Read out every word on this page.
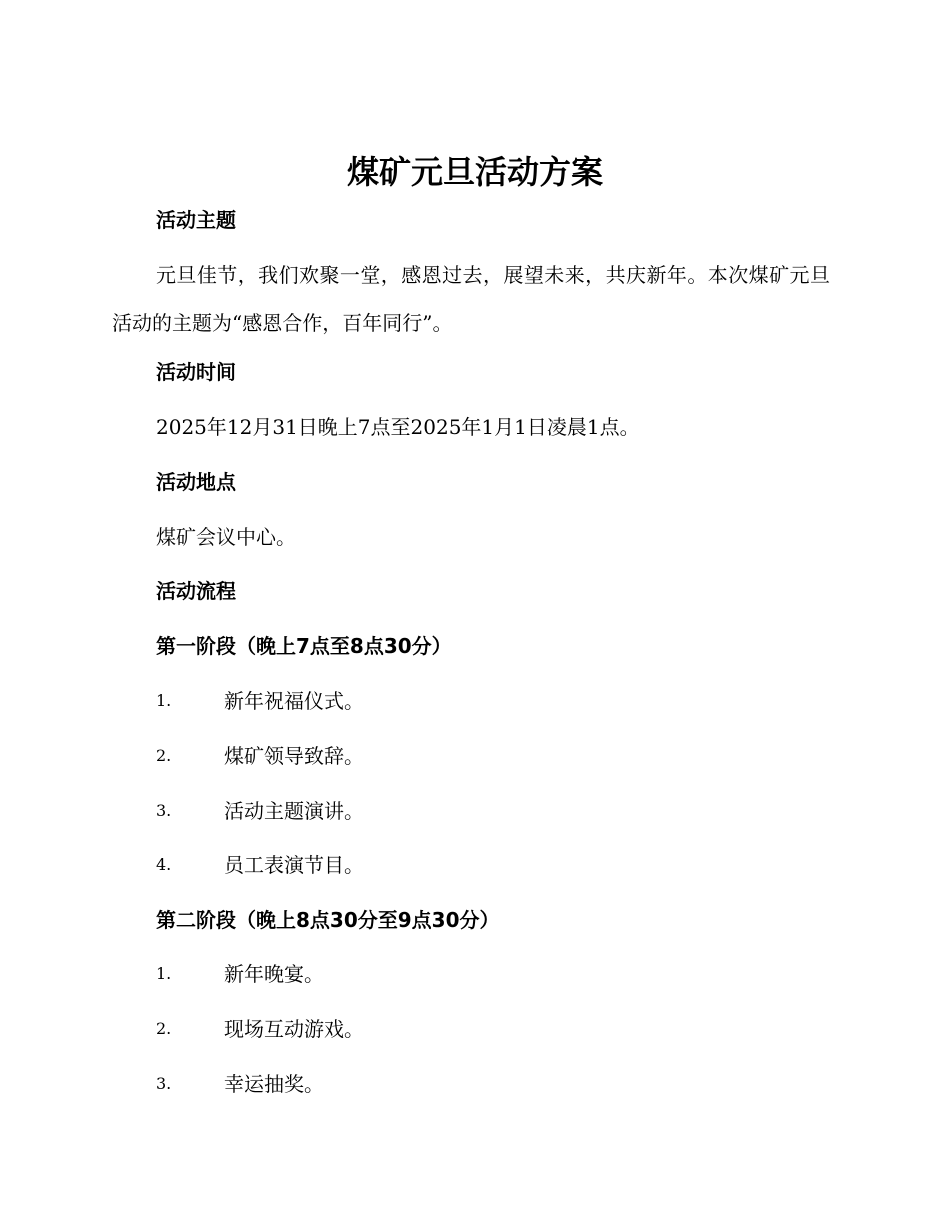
煤矿元旦活动方案
活动主题

元旦佳节，我们欢聚一堂，感恩过去，展望未来，共庆新年。本次煤矿元旦活动的主题为“感恩合作，百年同行”。

活动时间

2025年12月31日晚上7点至2025年1月1日凌晨1点。

活动地点

煤矿会议中心。

活动流程
第一阶段（晚上7点至8点30分）
1.	新年祝福仪式。
2.	煤矿领导致辞。
3.	活动主题演讲。
4.	员工表演节目。
第二阶段（晚上8点30分至9点30分）
1.	新年晚宴。
2.	现场互动游戏。
3.	幸运抽奖。
